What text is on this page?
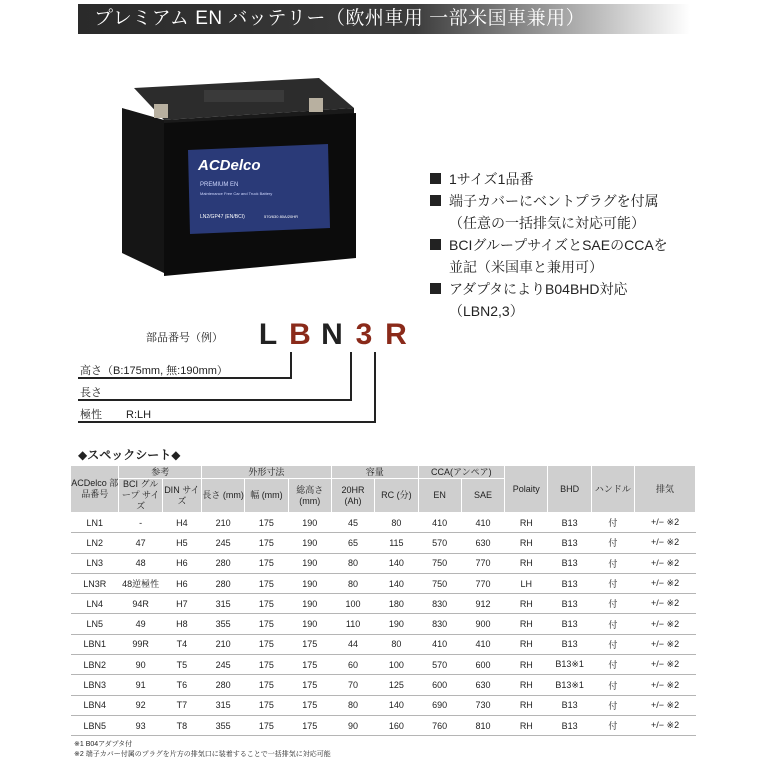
プレミアム EN バッテリー（欧州車用 一部米国車兼用）
ACDelco
PREMIUM EN
Maintenance Free Car and Truck Battery
LN2/GP47 (EN/BCI)	570/630 80A/20HR
1サイズ1品番
端子カバーにベントプラグを付属
（任意の一括排気に対応可能）
BCIグループサイズとSAEのCCAを
並記（米国車と兼用可）
アダプタによりB04BHD対応
（LBN2,3）
部品番号（例） L B N 3 R
高さ（B:175mm, 無:190mm）
長さ
極性 R:LH
◆スペックシート◆
ACDelco 部品番号	参考		外形寸法			容量		CCA(アンペア)		Polaity	BHD	ハンドル	排気
	BCI グループ サイズ	DIN サイズ	長さ (mm)	幅 (mm)	総高さ (mm)	20HR (Ah)	RC (分)	EN	SAE				
LN1	-	H4	210	175	190	45	80	410	410	RH	B13	付	+/− ※2
LN2	47	H5	245	175	190	65	115	570	630	RH	B13	付	+/− ※2
LN3	48	H6	280	175	190	80	140	750	770	RH	B13	付	+/− ※2
LN3R	48逆極性	H6	280	175	190	80	140	750	770	LH	B13	付	+/− ※2
LN4	94R	H7	315	175	190	100	180	830	912	RH	B13	付	+/− ※2
LN5	49	H8	355	175	190	110	190	830	900	RH	B13	付	+/− ※2
LBN1	99R	T4	210	175	175	44	80	410	410	RH	B13	付	+/− ※2
LBN2	90	T5	245	175	175	60	100	570	600	RH	B13※1	付	+/− ※2
LBN3	91	T6	280	175	175	70	125	600	630	RH	B13※1	付	+/− ※2
LBN4	92	T7	315	175	175	80	140	690	730	RH	B13	付	+/− ※2
LBN5	93	T8	355	175	175	90	160	760	810	RH	B13	付	+/− ※2
※1 B04アダプタ付
※2 端子カバー付属のプラグを片方の排気口に装着することで一括排気に対応可能
